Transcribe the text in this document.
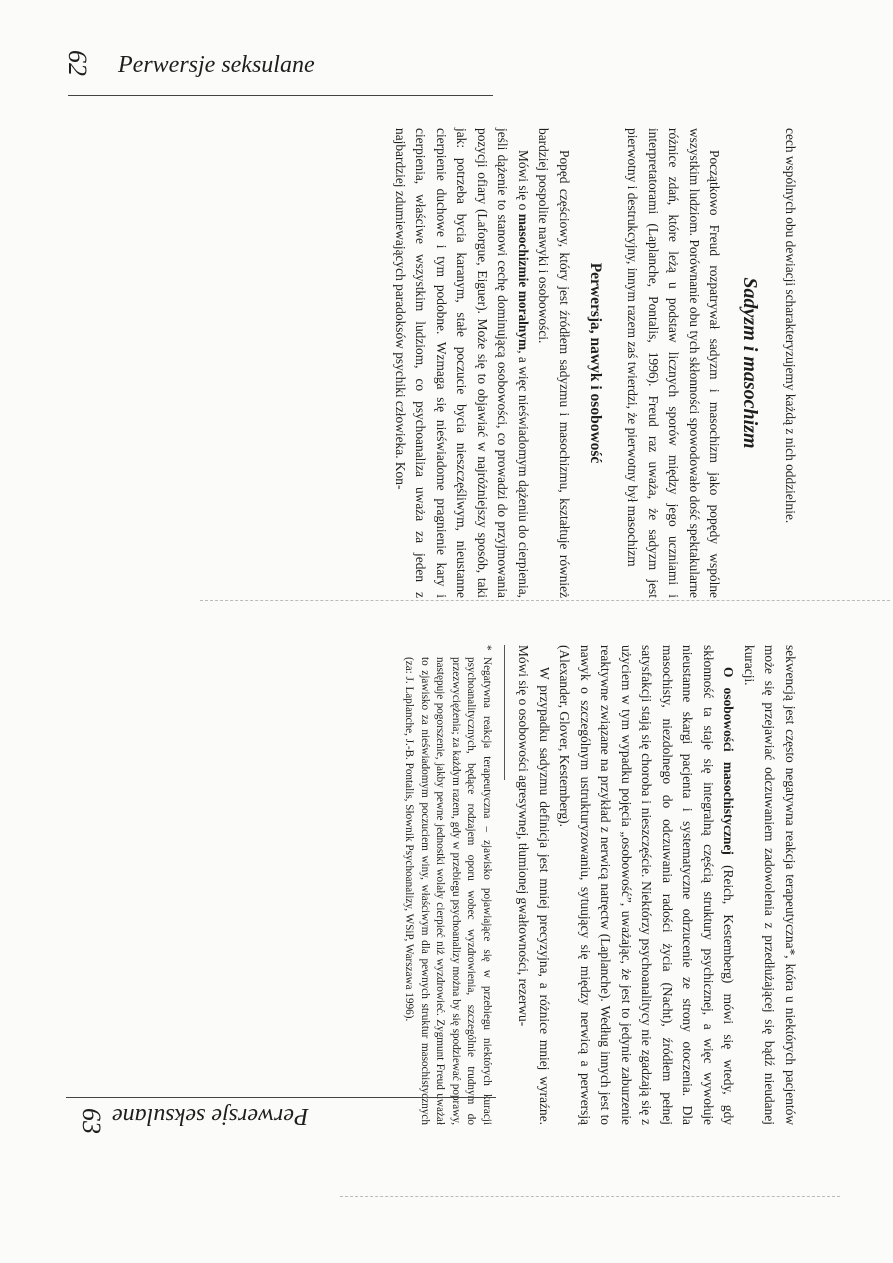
62 Perwersje seksulane

cech wspólnych obu dewiacji scharakteryzujemy każdą z nich oddzielnie.

Sadyzm i masochizm

Początkowo Freud rozpatrywał sadyzm i masochizm jako popędy wspólne wszystkim ludziom. Porównanie obu tych skłonności spowodowało dość spektakularne różnice zdań, które leżą u podstaw licznych sporów między jego uczniami i interpretatorami (Laplanche, Pontalis, 1996). Freud raz uważa, że sadyzm jest pierwotny i destrukcyjny, innym razem zaś twierdzi, że pierwotny był masochizm

Perwersja, nawyk i osobowość

Popęd częściowy, który jest źródłem sadyzmu i masochizmu, kształtuje również bardziej pospolite nawyki i osobowości.

Mówi się o masochizmie moralnym, a więc nieświadomym dążeniu do cierpienia, jeśli dążenie to stanowi cechę dominującą osobowości, co prowadzi do przyjmowania pozycji ofiary (Laforgue, Eiguer). Może się to objawiać w najróżniejszy sposób, taki jak: potrzeba bycia karanym, stałe poczucie bycia nieszczęśliwym, nieustanne cierpienie duchowe i tym podobne. Wzmaga się nieświadome pragnienie kary i cierpienia, właściwe wszystkim ludziom, co psychoanaliza uważa za jeden z najbardziej zdumiewających paradoksów psychiki człowieka. Kon-

sekwencją jest często negatywna reakcja terapeutyczna*, która u niektórych pacjentów może się przejawiać odczuwaniem zadowolenia z przedłużającej się bądź nieudanej kuracji.

O osobowości masochistycznej (Reich, Kestemberg) mówi się wtedy, gdy skłonność ta staje się integralną częścią struktury psychicznej, a więc wywołuje nieustanne skargi pacjenta i systematyczne odrzucenie ze strony otoczenia. Dla masochisty, niezdolnego do odczuwania radości życia (Nacht), źródłem pełnej satysfakcji stają się choroba i nieszczęście. Niektórzy psychoanalitycy nie zgadzają się z użyciem w tym wypadku pojęcia „osobowość”, uważając, że jest to jedynie zaburzenie reaktywne związane na przykład z nerwicą natręctw (Laplanche). Według innych jest to nawyk o szczególnym ustrukturyzowaniu, sytuujący się między nerwicą a perwersją (Alexander, Glover, Kestemberg).

W przypadku sadyzmu definicja jest mniej precyzyjna, a różnice mniej wyraźne. Mówi się o osobowości agresywnej, tłumionej gwałtowności, rezerwu-

*
Negatywna reakcja terapeutyczna – zjawisko pojawiające się w przebiegu niektórych kuracji psychoanalitycznych, będące rodzajem oporu wobec wyzdrowienia, szczególnie trudnym do przezwyciężenia; za każdym razem, gdy w przebiegu psychoanalizy można by się spodziewać poprawy, następuje pogorszenie, jakby pewne jednostki wolały cierpieć niż wyzdrowieć. Zygmunt Freud uważał to zjawisko za nieświadomym poczuciem winy, właściwym dla pewnych struktur masochistycznych (za: J. Laplanche, J.-B. Pontalis, Słownik Psychoanalizy, WSiP, Warszawa 1996).

Perwersje seksulane
63
